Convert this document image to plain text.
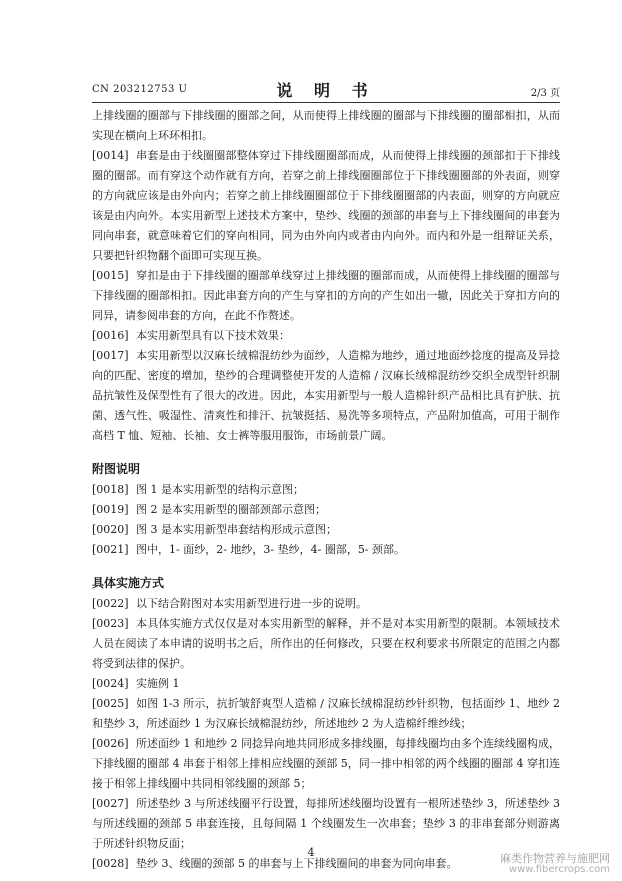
CN 203212753 U	说 明 书	2/3 页

上排线圈的圈部与下排线圈的圈部之间，从而使得上排线圈的圈部与下排线圈的圈部相扣，从而实现在横向上环环相扣。

[0014] 串套是由于线圈圈部整体穿过下排线圈圈部而成，从而使得上排线圈的颈部扣于下排线圈的圈部。而有穿这个动作就有方向，若穿之前上排线圈圈部位于下排线圈圈部的外表面，则穿的方向就应该是由外向内；若穿之前上排线圈圈部位于下排线圈圈部的内表面，则穿的方向就应该是由内向外。本实用新型上述技术方案中，垫纱、线圈的颈部的串套与上下排线圈间的串套为同向串套，就意味着它们的穿向相同，同为由外向内或者由内向外。而内和外是一组辩证关系，只要把针织物翻个面即可实现互换。

[0015] 穿扣是由于下排线圈的圈部单线穿过上排线圈的圈部而成，从而使得上排线圈的圈部与下排线圈的圈部相扣。因此串套方向的产生与穿扣的方向的产生如出一辙，因此关于穿扣方向的同异，请参阅串套的方向，在此不作赘述。

[0016] 本实用新型具有以下技术效果：

[0017] 本实用新型以汉麻长绒棉混纺纱为面纱，人造棉为地纱，通过地面纱捻度的提高及异捻向的匹配、密度的增加，垫纱的合理调整使开发的人造棉 / 汉麻长绒棉混纺纱交织全成型针织制品抗皱性及保型性有了很大的改进。因此，本实用新型与一般人造棉针织产品相比具有护肤、抗菌、透气性、吸湿性、清爽性和排汗、抗皱挺括、易洗等多项特点，产品附加值高，可用于制作高档 T 恤、短袖、长袖、女士裤等服用服饰，市场前景广阔。

附图说明

[0018] 图 1 是本实用新型的结构示意图；

[0019] 图 2 是本实用新型的圈部颈部示意图；

[0020] 图 3 是本实用新型串套结构形成示意图；

[0021] 图中，1- 面纱，2- 地纱，3- 垫纱，4- 圈部，5- 颈部。

具体实施方式

[0022] 以下结合附图对本实用新型进行进一步的说明。

[0023] 本具体实施方式仅仅是对本实用新型的解释，并不是对本实用新型的限制。本领域技术人员在阅读了本申请的说明书之后，所作出的任何修改，只要在权利要求书所限定的范围之内都将受到法律的保护。

[0024] 实施例 1

[0025] 如图 1-3 所示，抗折皱舒爽型人造棉 / 汉麻长绒棉混纺纱针织物，包括面纱 1、地纱 2 和垫纱 3，所述面纱 1 为汉麻长绒棉混纺纱，所述地纱 2 为人造棉纤维纱线；

[0026] 所述面纱 1 和地纱 2 同捻异向地共同形成多排线圈，每排线圈均由多个连续线圈构成，下排线圈的圈部 4 串套于相邻上排相应线圈的颈部 5，同一排中相邻的两个线圈的圈部 4 穿扣连接于相邻上排线圈中共同相邻线圈的颈部 5；

[0027] 所述垫纱 3 与所述线圈平行设置，每排所述线圈均设置有一根所述垫纱 3，所述垫纱 3 与所述线圈的颈部 5 串套连接，且每间隔 1 个线圈发生一次串套；垫纱 3 的非串套部分则游离于所述针织物反面；

[0028] 垫纱 3、线圈的颈部 5 的串套与上下排线圈间的串套为同向串套。

4	麻类作物营养与施肥网
www.fibercrops.com
